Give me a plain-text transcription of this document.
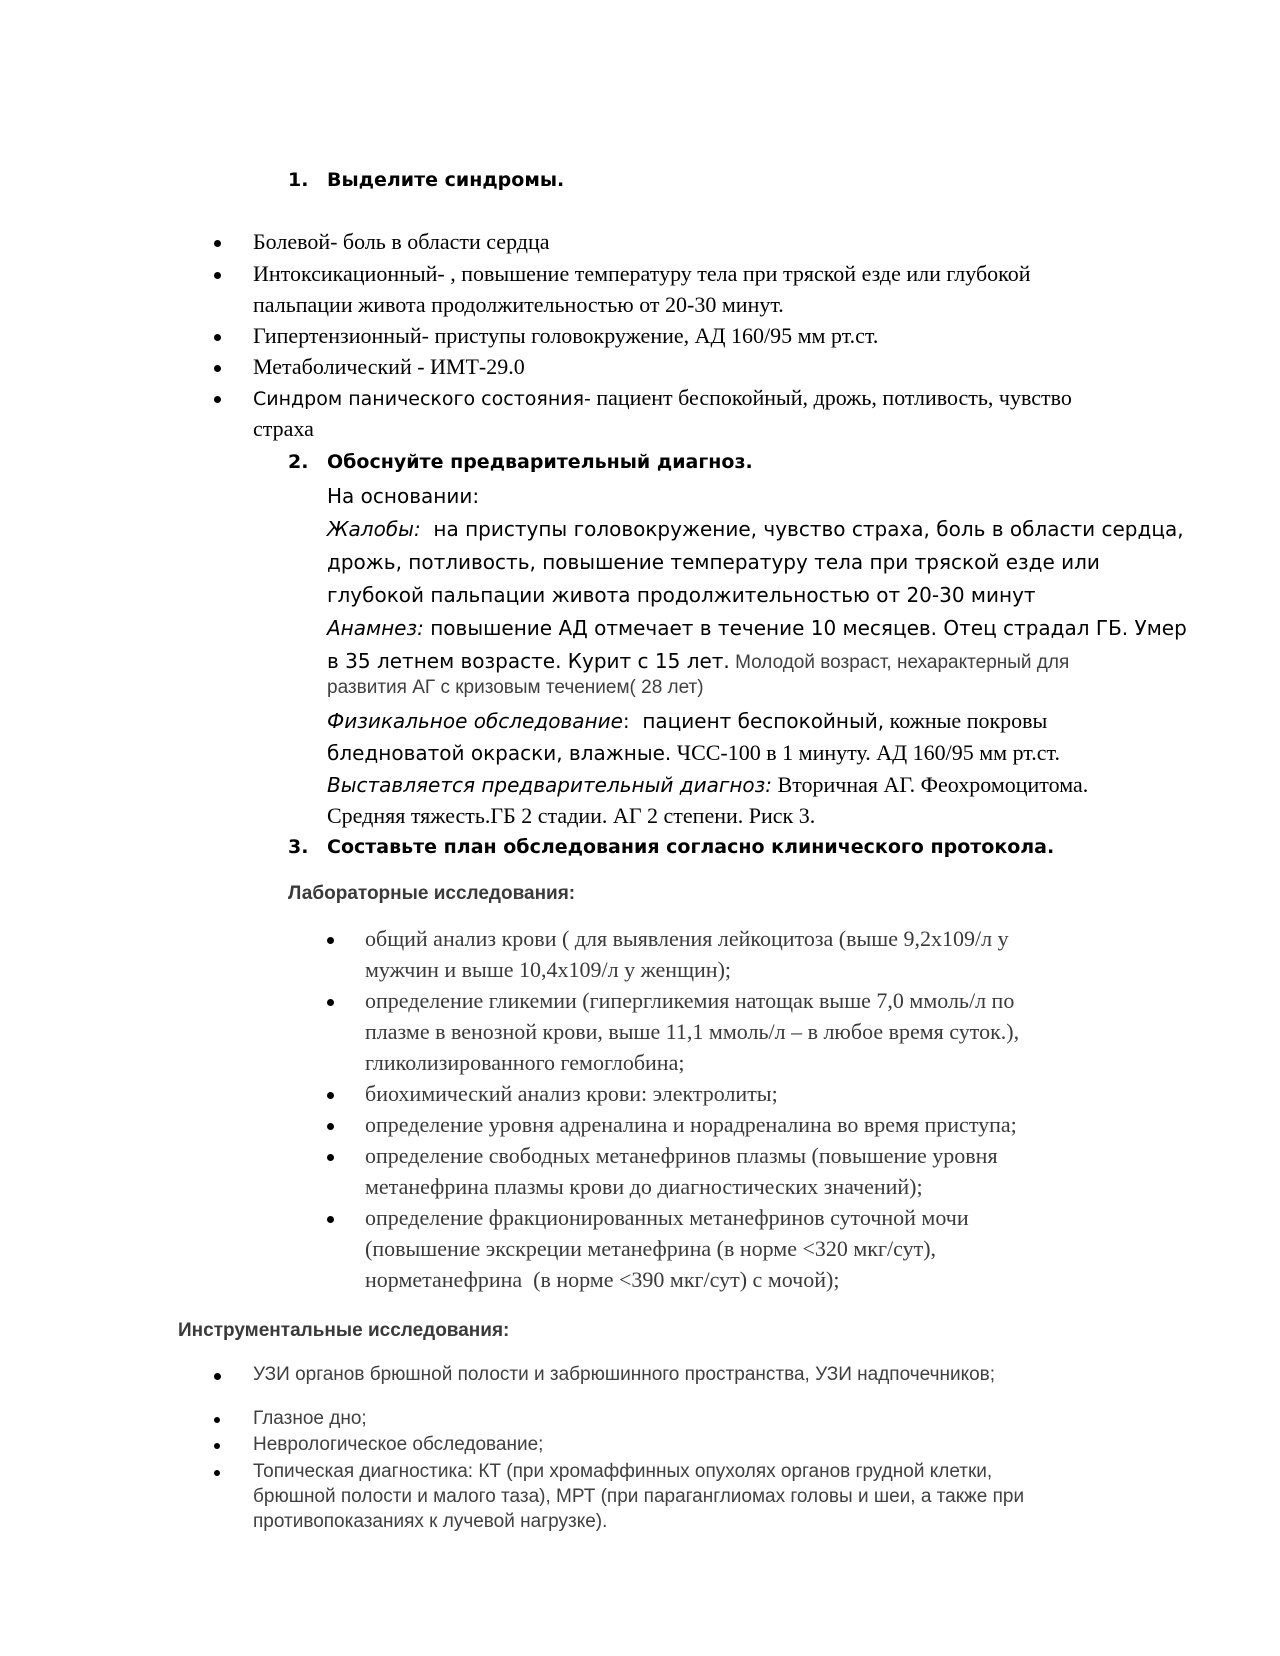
1. Выделите синдромы.
Болевой- боль в области сердца
Интоксикационный- , повышение температуру тела при тряской езде или глубокой
пальпации живота продолжительностью от 20-30 минут.
Гипертензионный- приступы головокружение, АД 160/95 мм рт.ст.
Метаболический - ИМТ-29.0
Синдром панического состояния- пациент беспокойный, дрожь, потливость, чувство
страха
2. Обоснуйте предварительный диагноз.
На основании:
Жалобы:  на приступы головокружение, чувство страха, боль в области сердца,
дрожь, потливость, повышение температуру тела при тряской езде или
глубокой пальпации живота продолжительностью от 20-30 минут
Анамнез: повышение АД отмечает в течение 10 месяцев. Отец страдал ГБ. Умер
в 35 летнем возрасте. Курит с 15 лет. Молодой возраст, нехарактерный для
развития АГ с кризовым течением( 28 лет)
Физикальное обследование:  пациент беспокойный, кожные покровы
бледноватой окраски, влажные. ЧСС-100 в 1 минуту. АД 160/95 мм рт.ст.
Выставляется предварительный диагноз: Вторичная АГ. Феохромоцитома.
Средняя тяжесть.ГБ 2 стадии. АГ 2 степени. Риск 3.
3. Составьте план обследования согласно клинического протокола.
Лабораторные исследования:
общий анализ крови ( для выявления лейкоцитоза (выше 9,2х109/л у
мужчин и выше 10,4х109/л у женщин);
определение гликемии (гипергликемия натощак выше 7,0 ммоль/л по
плазме в венозной крови, выше 11,1 ммоль/л – в любое время суток.),
гликолизированного гемоглобина;
биохимический анализ крови: электролиты;
определение уровня адреналина и норадреналина во время приступа;
определение свободных метанефринов плазмы (повышение уровня
метанефрина плазмы крови до диагностических значений);
определение фракционированных метанефринов суточной мочи
(повышение экскреции метанефрина (в норме <320 мкг/сут),
норметанефрина  (в норме <390 мкг/сут) с мочой);
Инструментальные исследования:
УЗИ органов брюшной полости и забрюшинного пространства, УЗИ надпочечников;
Глазное дно;
Неврологическое обследование;
Топическая диагностика: КТ (при хромаффинных опухолях органов грудной клетки,
брюшной полости и малого таза), МРТ (при параганглиомах головы и шеи, а также при
противопоказаниях к лучевой нагрузке).
